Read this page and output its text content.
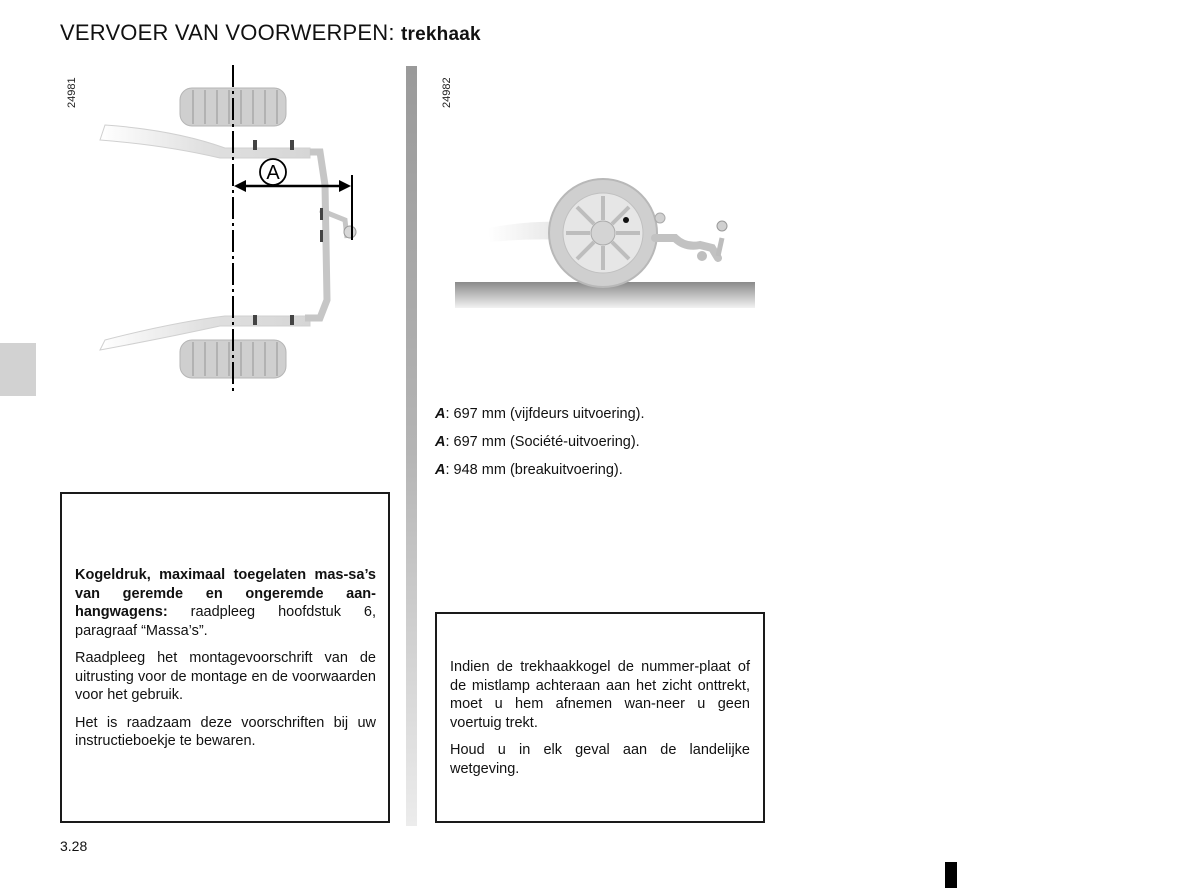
VERVOER VAN VOORWERPEN: trekhaak
24981
A
24982
A: 697 mm (vijfdeurs uitvoering).
A: 697 mm (Société-uitvoering).
A: 948 mm (breakuitvoering).

Kogeldruk, maximaal toegelaten mas-sa’s van geremde en ongeremde aan-hangwagens: raadpleeg hoofdstuk 6, paragraaf “Massa’s”.

Raadpleeg het montagevoorschrift van de uitrusting voor de montage en de voorwaarden voor het gebruik.

Het is raadzaam deze voorschriften bij uw instructieboekje te bewaren.

Indien de trekhaakkogel de nummer-plaat of de mistlamp achteraan aan het zicht onttrekt, moet u hem afnemen wan-neer u geen voertuig trekt.

Houd u in elk geval aan de landelijke wetgeving.

3.28
